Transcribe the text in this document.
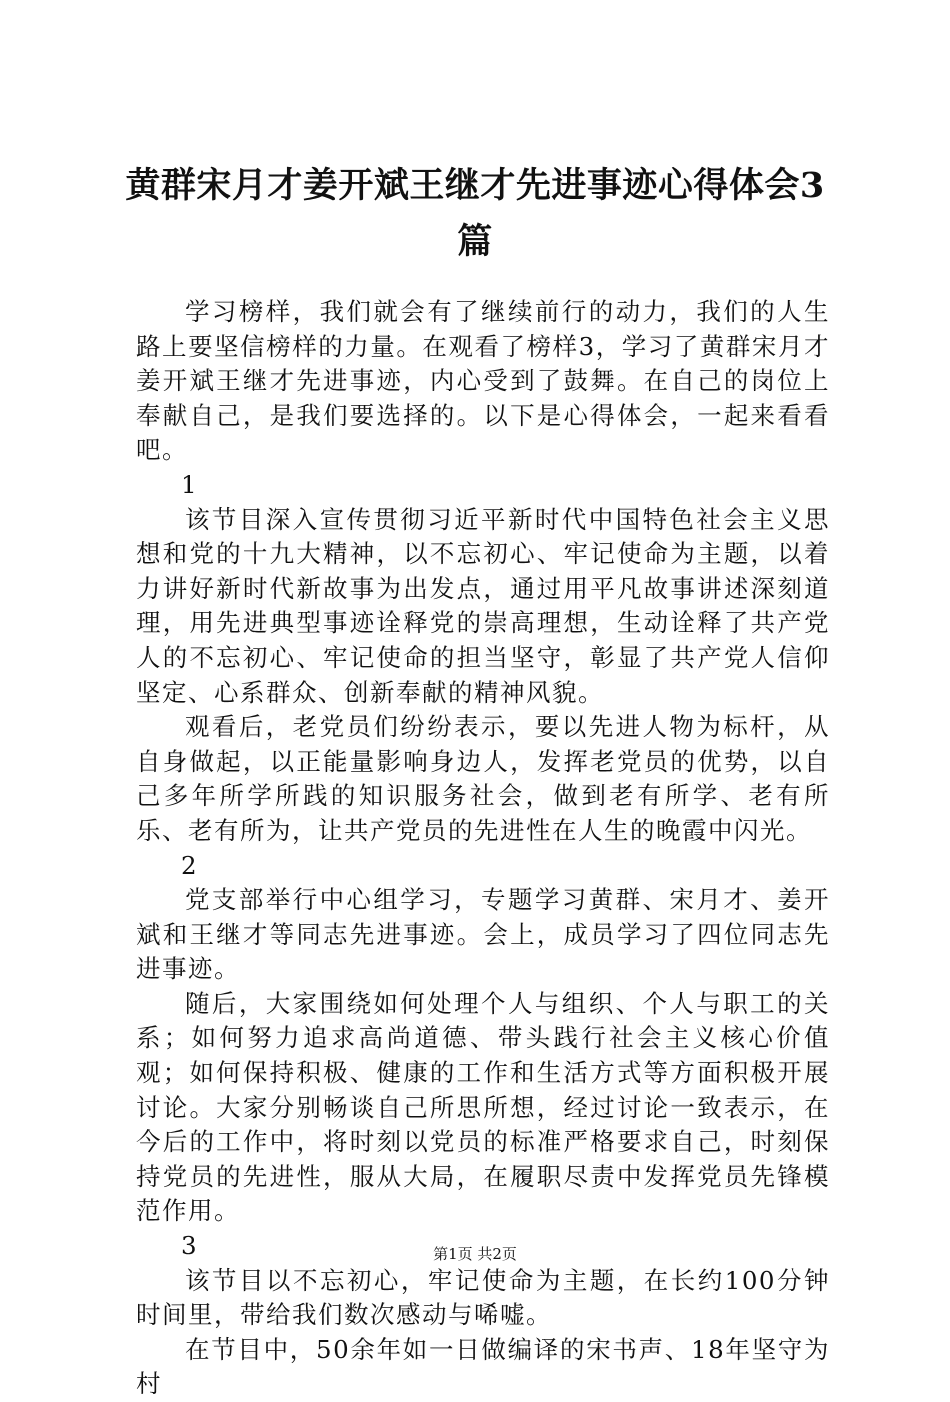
黄群宋月才姜开斌王继才先进事迹心得体会3篇

学习榜样，我们就会有了继续前行的动力，我们的人生路上要坚信榜样的力量。在观看了榜样3，学习了黄群宋月才姜开斌王继才先进事迹，内心受到了鼓舞。在自己的岗位上奉献自己，是我们要选择的。以下是心得体会，一起来看看吧。

1

该节目深入宣传贯彻习近平新时代中国特色社会主义思想和党的十九大精神，以不忘初心、牢记使命为主题，以着力讲好新时代新故事为出发点，通过用平凡故事讲述深刻道理，用先进典型事迹诠释党的崇高理想，生动诠释了共产党人的不忘初心、牢记使命的担当坚守，彰显了共产党人信仰坚定、心系群众、创新奉献的精神风貌。

观看后，老党员们纷纷表示，要以先进人物为标杆，从自身做起，以正能量影响身边人，发挥老党员的优势，以自己多年所学所践的知识服务社会，做到老有所学、老有所乐、老有所为，让共产党员的先进性在人生的晚霞中闪光。

2

党支部举行中心组学习，专题学习黄群、宋月才、姜开斌和王继才等同志先进事迹。会上，成员学习了四位同志先进事迹。

随后，大家围绕如何处理个人与组织、个人与职工的关系；如何努力追求高尚道德、带头践行社会主义核心价值观；如何保持积极、健康的工作和生活方式等方面积极开展讨论。大家分别畅谈自己所思所想，经过讨论一致表示，在今后的工作中，将时刻以党员的标准严格要求自己，时刻保持党员的先进性，服从大局，在履职尽责中发挥党员先锋模范作用。

3

该节目以不忘初心，牢记使命为主题，在长约100分钟时间里，带给我们数次感动与唏嘘。

在节目中，50余年如一日做编译的宋书声、18年坚守为村

第1页 共2页
